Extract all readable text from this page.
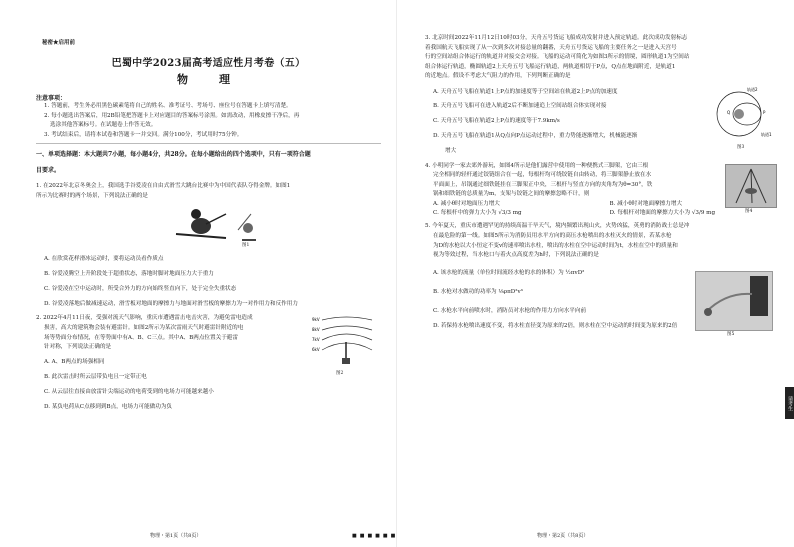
秘密★启用前
巴蜀中学2023届高考适应性月考卷（五）
物　理
注意事项：

1. 答题前，考生务必用黑色碳素笔将自己的姓名、准考证号、考场号、座位号在答题卡上填写清楚。

2. 每小题选出答案后，用2B铅笔把答题卡上对应题目的答案标号涂黑。如需改动，用橡皮擦干净后，再

选涂其他答案标号。在试题卷上作答无效。

3. 考试结束后，请将本试卷和答题卡一并交回。满分100分，考试用时75分钟。

一、单项选择题：本大题共7小题，每小题4分，共28分。在每小题给出的四个选项中，只有一项符合题

目要求。

1. 在2022年北京冬奥会上，我国选手谷爱凌在自由式滑雪大跳台比赛中为中国代表队夺得金牌。如图1

所示为比赛时的两个场景，下列说法正确的是

图1

A. 在欣赏花样滑冰运动时，要将运动员看作质点

B. 谷爱凌腾空上升阶段处于超重状态，落地时脚对地面压力大于重力

C. 谷爱凌在空中运动时，所受合外力的方向始终竖直向下，处于完全失重状态

D. 谷爱凌落地后做减速运动，滑雪板对地面的摩擦力与地面对滑雪板的摩擦力为一对作用力和反作用力

2. 2022年4月11日夜，受强对流天气影响，重庆市遭遇雷击电击灾害，为避免雷电造成

损害，高大的建筑物会装有避雷针。如图2所示为某次雷雨天气时避雷针附近的电

场等势面分布情况，在等势面中有A、B、C三点。其中A、B两点位置关于避雷

针对称，下列说法正确的是

9kV
8kV
7kV
6kV
图2

A. A、B两点的场强相同

B. 此次雷击时所云层带负电且一定带正电

C. 从云层往直接由放雷针尖端运动的电荷受到的电场力可能越来越小

D. 某负电荷从C点移到到B点，电场力可能做功为负

物理・第1页（共8页）	■■■■■■

3. 北京时间2022年11月12日10时03分，天舟五号货运飞船成功发射并进入预定轨道。此次成功发射标志

着我国航天飞船实现了从一次到多次对接总量的翻番，天舟五号货运飞船的主要任务之一是进入天宫号

行的空间站组合体运行的轨道并对接交会对接。飞船的运动可简化为如图3所示的情境，圆形轨道1为空间站

组合体运行轨道，椭圆轨道2上天舟五号飞船运行轨道，两轨道相切于P点，Q点在地面附近，是轨道1

的近地点。假设不考虑大气阻力的作用，下列判断正确的是

A. 天舟五号飞船在轨道1上P点的加速度等于空间站在轨道2上P点的加速度

B. 天舟五号飞船可在进入轨道2后不断加速追上空间站组合体实现对接

C. 天舟五号飞船在轨道2上P点的速度等于7.9km/s

D. 天舟五号飞船在轨道1从Q点向P点运动过程中，重力势能逐渐增大，机械能逐渐

增大

轨道2
轨道1
P
Q
图3

4. 小明同学一家去郊外游玩，如图4所示是他们露营中使用的一种便携式三脚架，它由三根

完全相同的轻杆通过铰链组合在一起，每根杆均可绕铰链自由转动，将三脚架静止放在水

平面面上，吊锅通过细铁链挂在三脚架正中央，三根杆与竖直方向的夹角均为θ=30°，铁

锅和细铁链的总质量为m，支架与铰链之间的摩擦忽略不计，则

图4
A. 减小θ时对地面压力增大	B. 减小θ时对地面摩擦力增大
C. 每根杆中的弹力大小为 √3/3 mg	D. 每根杆对地面的摩擦力大小为 √3/9 mg

5. 今年夏天，重庆市遭遇罕见的持续高温干旱天气，境内频繁出现山火，火势凶猛，英勇的消防战士总是冲

在最危险的第一线。如图5所示为消防员用水平方向的高压水枪喷出的水柱灭火的情景，若某水枪

为D的水枪以大小恒定不变v的速率喷出水柱，喷出的水柱在空中运动时间为t，水柱在空中的质量和

视为等效过程，当水枪口与着火点高度差为h时，下列说法正确的是

A. 该水枪的流量（单位时间流经水枪的水的体积）为 ½πvD²

B. 水枪对水做功的功率为 ⅛ρπD²v³

C. 水枪水平向前喷水时，消防员对水枪的作用力方向水平向前

D. 若保持水枪喷出速度不变，将水柱直径变为原来的2倍，则水柱在空中运动的时间变为原来的2倍

图5
物理・第2页（共8页）
请考生
